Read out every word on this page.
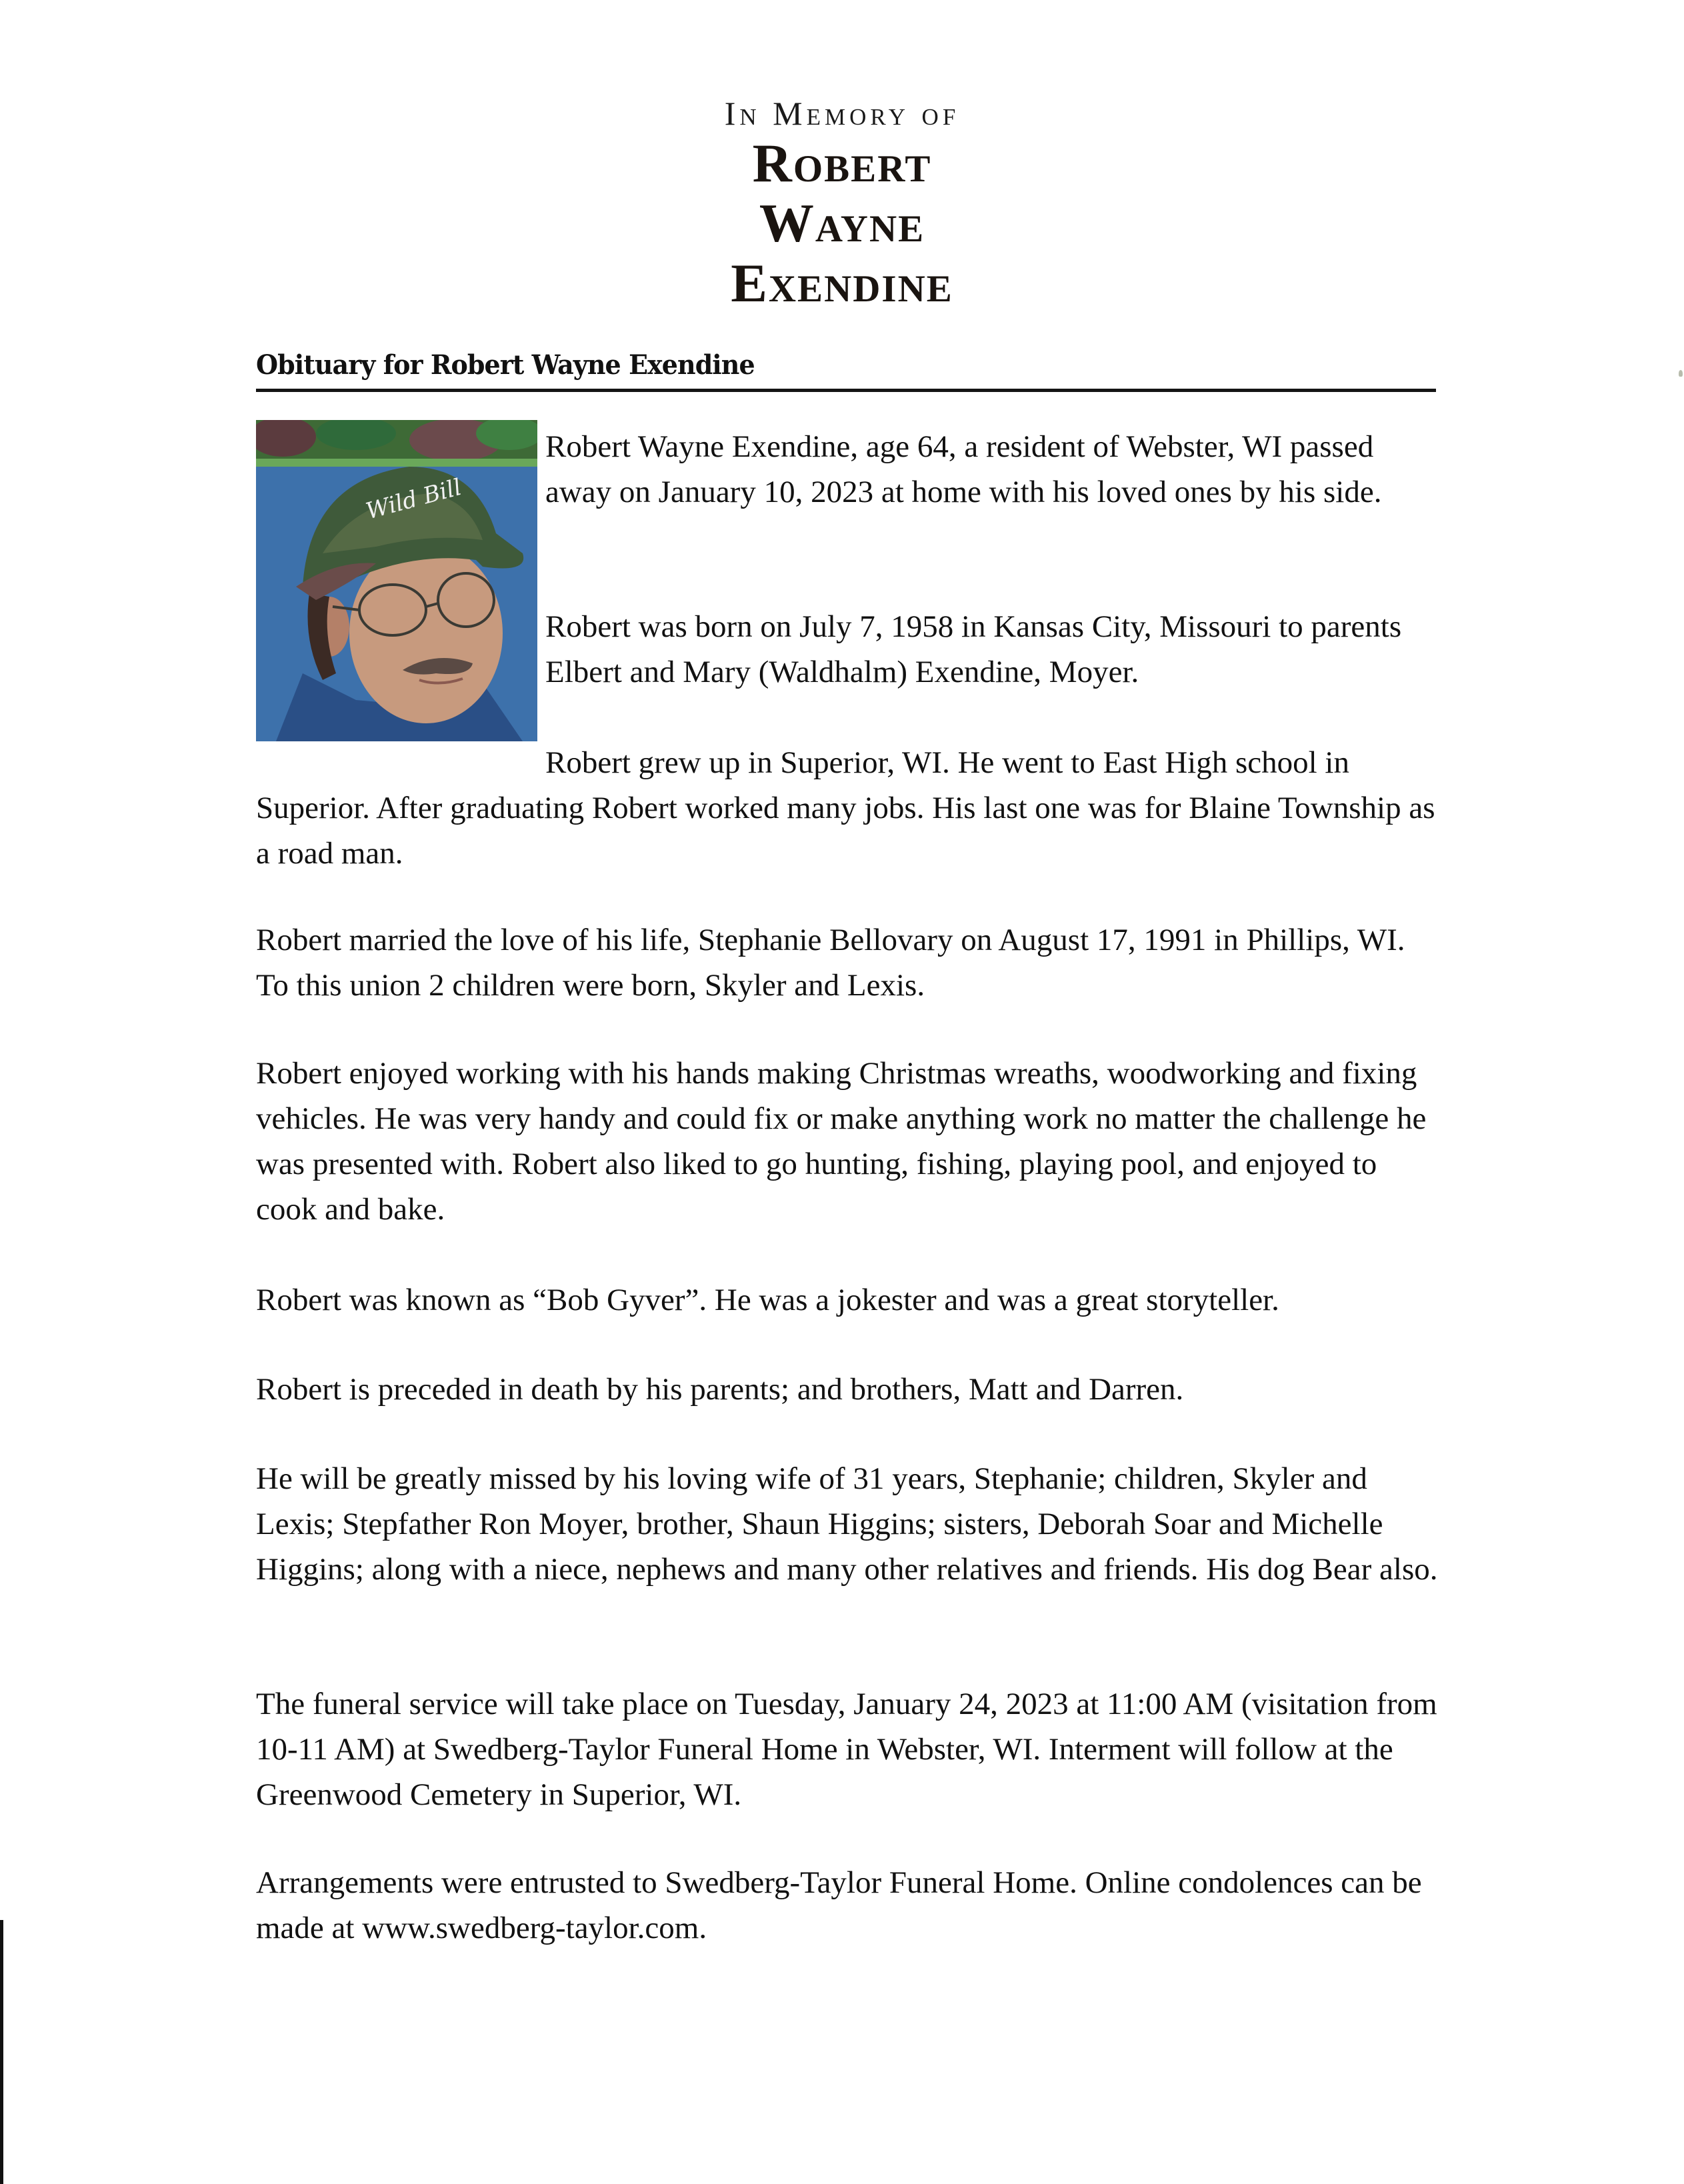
In Memory of

Robert

Wayne

Exendine

Obituary for Robert Wayne Exendine
Wild Bill

Robert Wayne Exendine, age 64, a resident of Webster, WI passed away on January 10, 2023 at home with his loved ones by his side.

Robert was born on July 7, 1958 in Kansas City, Missouri to parents Elbert and Mary (Waldhalm) Exendine, Moyer.

Robert grew up in Superior, WI. He went to East High school in Superior. After graduating Robert worked many jobs. His last one was for Blaine Township as a road man.

Robert married the love of his life, Stephanie Bellovary on August 17, 1991 in Phillips, WI. To this union 2 children were born, Skyler and Lexis.

Robert enjoyed working with his hands making Christmas wreaths, woodworking and fixing vehicles. He was very handy and could fix or make anything work no matter the challenge he was presented with. Robert also liked to go hunting, fishing, playing pool, and enjoyed to cook and bake.

Robert was known as “Bob Gyver”. He was a jokester and was a great storyteller.

Robert is preceded in death by his parents; and brothers, Matt and Darren.

He will be greatly missed by his loving wife of 31 years, Stephanie; children, Skyler and Lexis; Stepfather Ron Moyer, brother, Shaun Higgins; sisters, Deborah Soar and Michelle Higgins; along with a niece, nephews and many other relatives and friends. His dog Bear also.

The funeral service will take place on Tuesday, January 24, 2023 at 11:00 AM (visitation from 10-11 AM) at Swedberg-Taylor Funeral Home in Webster, WI. Interment will follow at the Greenwood Cemetery in Superior, WI.

Arrangements were entrusted to Swedberg-Taylor Funeral Home. Online condolences can be made at www.swedberg-taylor.com.
